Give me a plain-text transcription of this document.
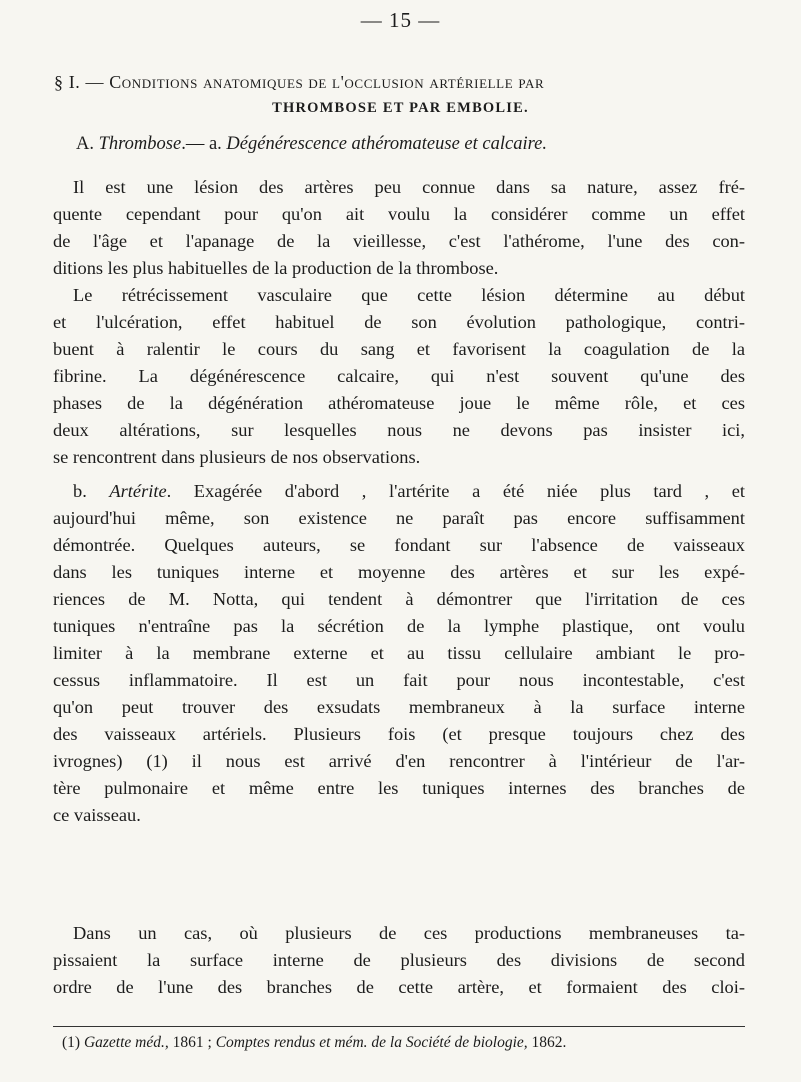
— 15 —
§ I. — Conditions anatomiques de l'occlusion artérielle par
THROMBOSE ET PAR EMBOLIE.
A. Thrombose.— a. Dégénérescence athéromateuse et calcaire.
Il est une lésion des artères peu connue dans sa nature, assez fré-
quente cependant pour qu'on ait voulu la considérer comme un effet
de l'âge et l'apanage de la vieillesse, c'est l'athérome, l'une des con-
ditions les plus habituelles de la production de la thrombose.
Le rétrécissement vasculaire que cette lésion détermine au début
et l'ulcération, effet habituel de son évolution pathologique, contri-
buent à ralentir le cours du sang et favorisent la coagulation de la
fibrine. La dégénérescence calcaire, qui n'est souvent qu'une des
phases de la dégénération athéromateuse joue le même rôle, et ces
deux altérations, sur lesquelles nous ne devons pas insister ici,
se rencontrent dans plusieurs de nos observations.
b. Artérite. Exagérée d'abord , l'artérite a été niée plus tard , et
aujourd'hui même, son existence ne paraît pas encore suffisamment
démontrée. Quelques auteurs, se fondant sur l'absence de vaisseaux
dans les tuniques interne et moyenne des artères et sur les expé-
riences de M. Notta, qui tendent à démontrer que l'irritation de ces
tuniques n'entraîne pas la sécrétion de la lymphe plastique, ont voulu
limiter à la membrane externe et au tissu cellulaire ambiant le pro-
cessus inflammatoire. Il est un fait pour nous incontestable, c'est
qu'on peut trouver des exsudats membraneux à la surface interne
des vaisseaux artériels. Plusieurs fois (et presque toujours chez des
ivrognes) (1) il nous est arrivé d'en rencontrer à l'intérieur de l'ar-
tère pulmonaire et même entre les tuniques internes des branches de
ce vaisseau.
Dans un cas, où plusieurs de ces productions membraneuses ta-
pissaient la surface interne de plusieurs des divisions de second
ordre de l'une des branches de cette artère, et formaient des cloi-
(1) Gazette méd., 1861 ; Comptes rendus et mém. de la Société de biologie, 1862.
